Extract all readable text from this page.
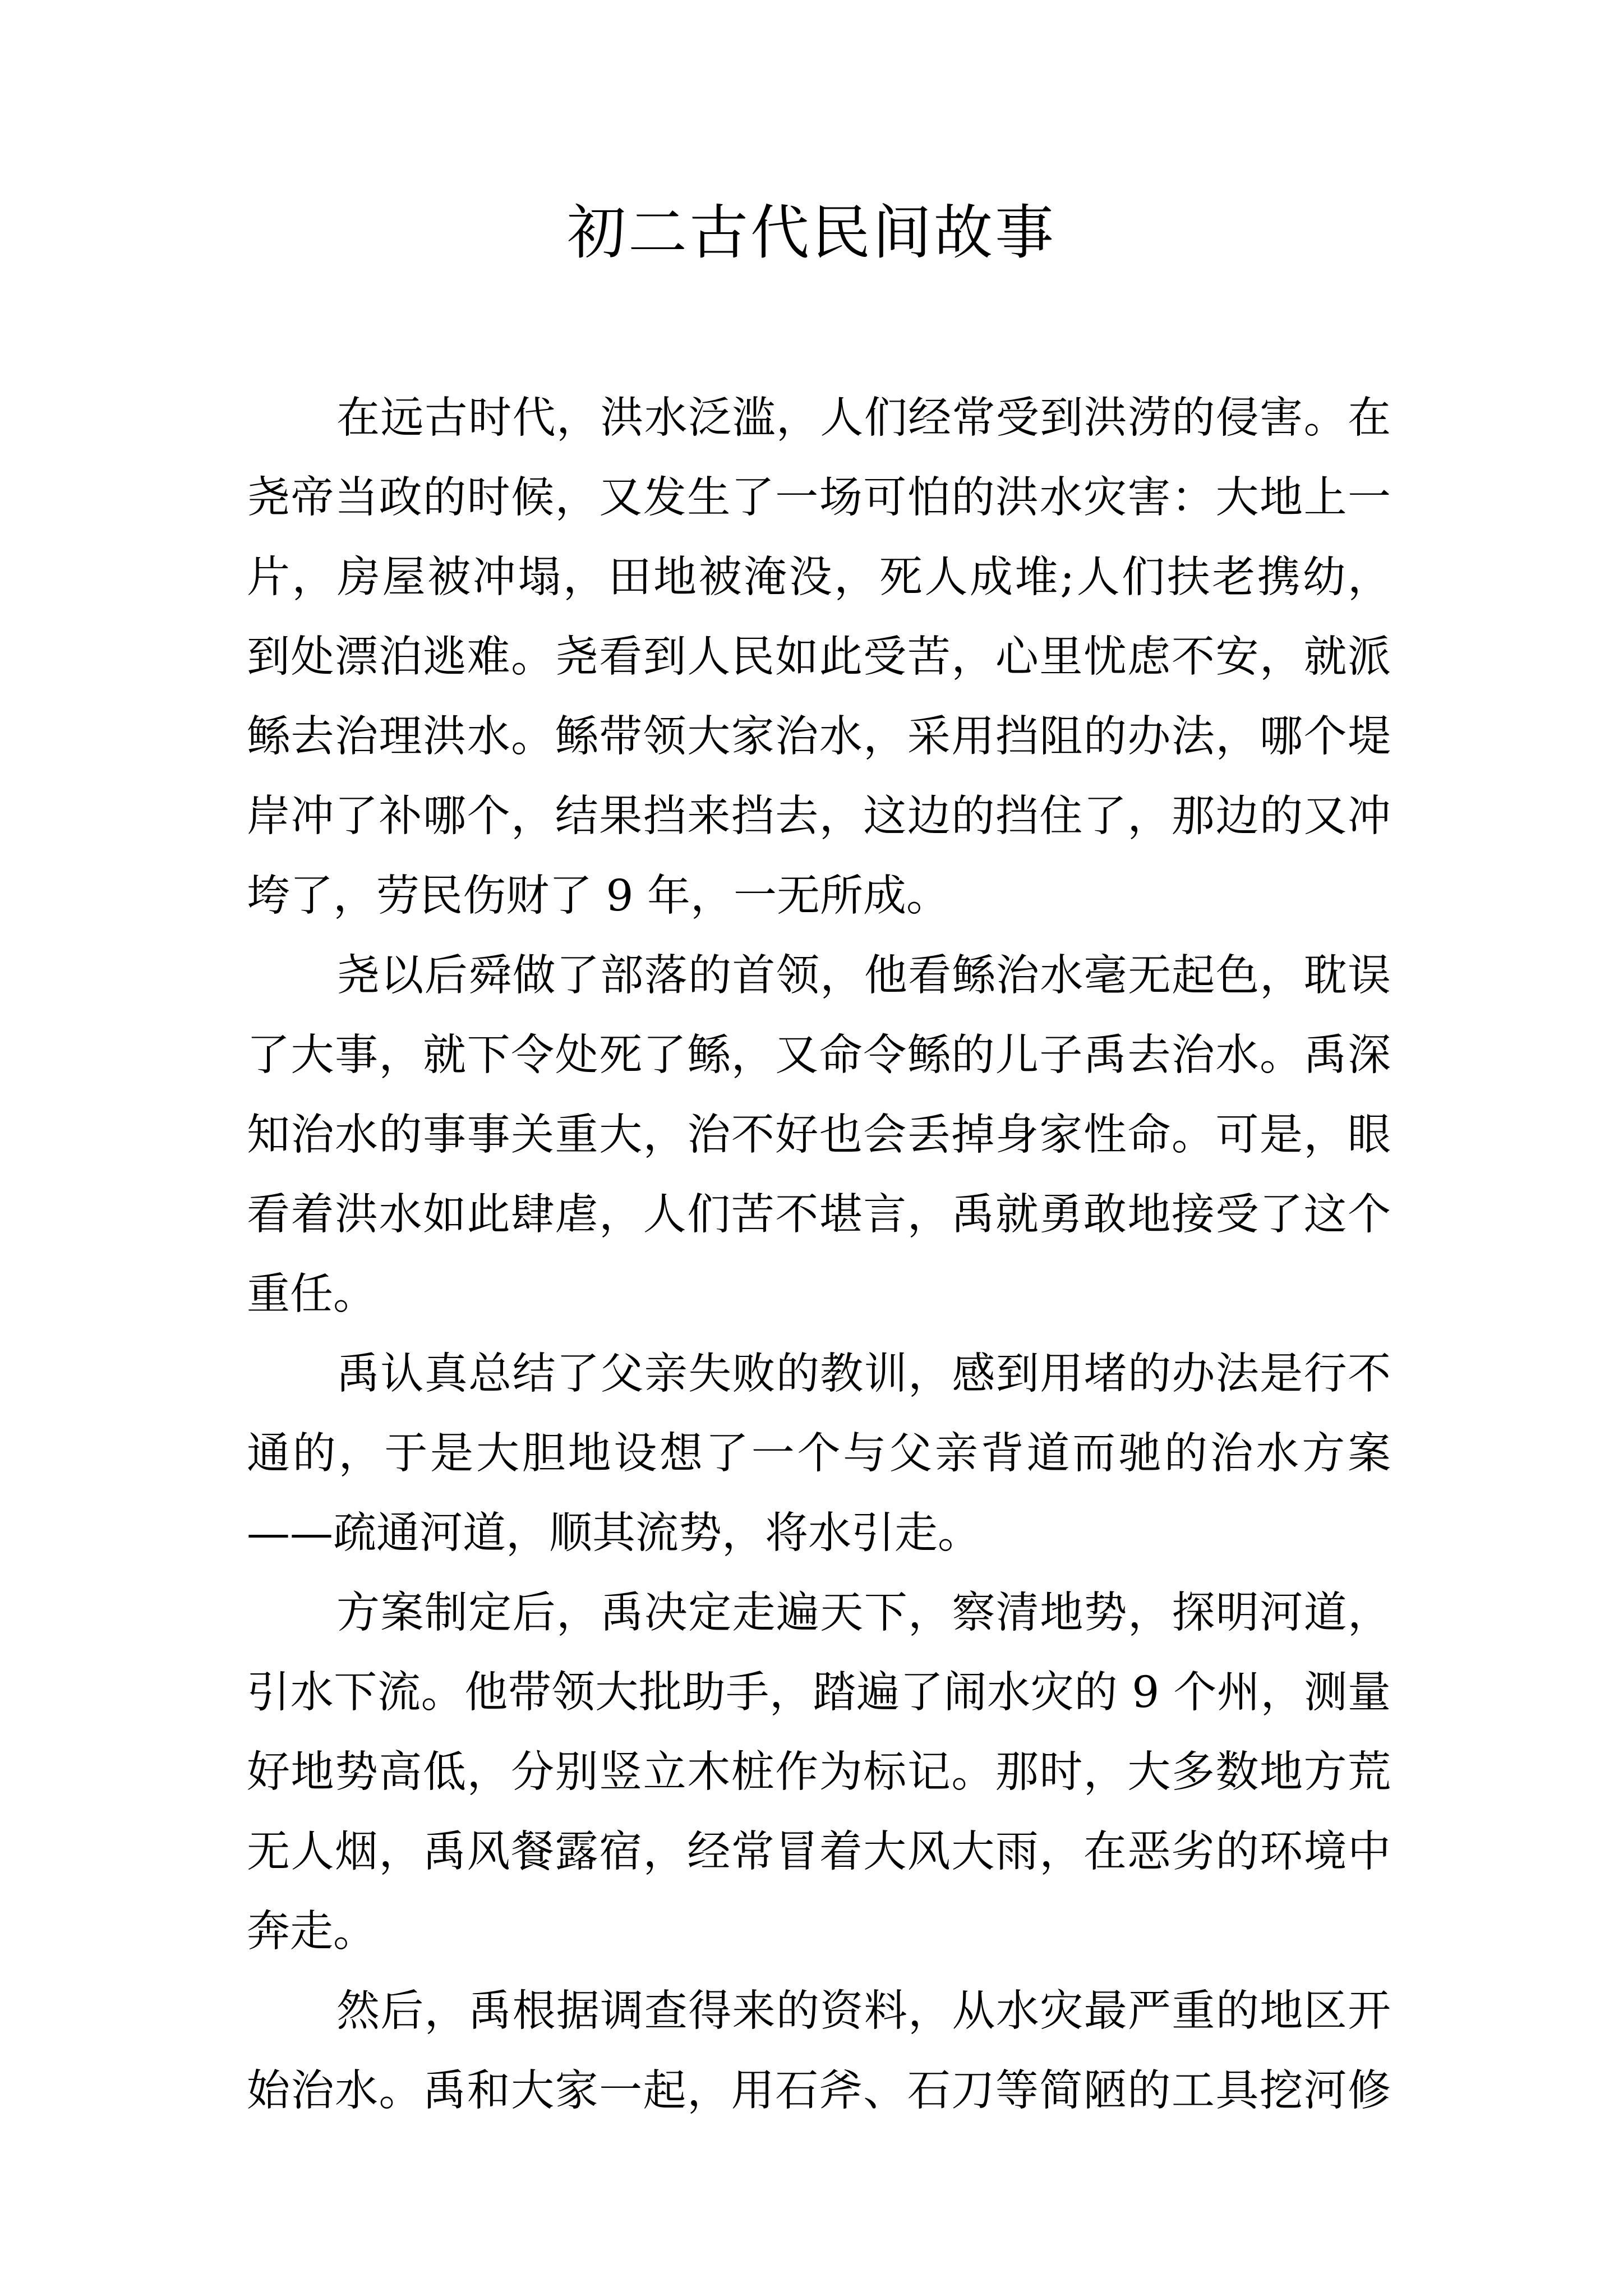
初二古代民间故事
在远古时代，洪水泛滥，人们经常受到洪涝的侵害。在
尧帝当政的时候，又发生了一场可怕的洪水灾害：大地上一
片，房屋被冲塌，田地被淹没，死人成堆;人们扶老携幼，
到处漂泊逃难。尧看到人民如此受苦，心里忧虑不安，就派
鲧去治理洪水。鲧带领大家治水，采用挡阻的办法，哪个堤
岸冲了补哪个，结果挡来挡去，这边的挡住了，那边的又冲
垮了，劳民伤财了 9 年，一无所成。
尧以后舜做了部落的首领，他看鲧治水毫无起色，耽误
了大事，就下令处死了鲧，又命令鲧的儿子禹去治水。禹深
知治水的事事关重大，治不好也会丢掉身家性命。可是，眼
看着洪水如此肆虐，人们苦不堪言，禹就勇敢地接受了这个
重任。
禹认真总结了父亲失败的教训，感到用堵的办法是行不
通的，于是大胆地设想了一个与父亲背道而驰的治水方案
——疏通河道，顺其流势，将水引走。
方案制定后，禹决定走遍天下，察清地势，探明河道，
引水下流。他带领大批助手，踏遍了闹水灾的 9 个州，测量
好地势高低，分别竖立木桩作为标记。那时，大多数地方荒
无人烟，禹风餐露宿，经常冒着大风大雨，在恶劣的环境中
奔走。
然后，禹根据调查得来的资料，从水灾最严重的地区开
始治水。禹和大家一起，用石斧、石刀等简陋的工具挖河修
